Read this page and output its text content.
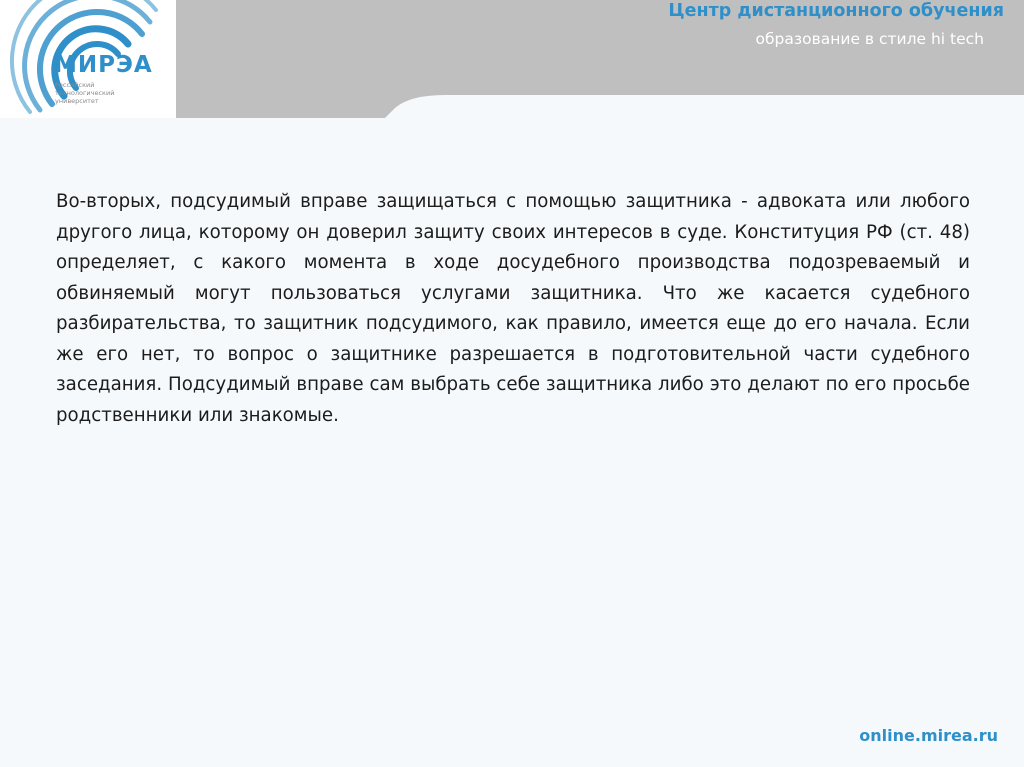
МИРЭА
Российский технологический университет
Центр дистанционного обучения
образование в стиле hi tech
Во-вторых, подсудимый вправе защищаться с помощью защитника - адвоката или любого другого лица, которому он доверил защиту своих интересов в суде. Конституция РФ (ст. 48) определяет, с какого момента в ходе досудебного производства подозреваемый и обвиняемый могут пользоваться услугами защитника. Что же касается судебного разбирательства, то защитник подсудимого, как правило, имеется еще до его начала. Если же его нет, то вопрос о защитнике разрешается в подготовительной части судебного заседания. Подсудимый вправе сам выбрать себе защитника либо это делают по его просьбе родственники или знакомые.
online.mirea.ru
